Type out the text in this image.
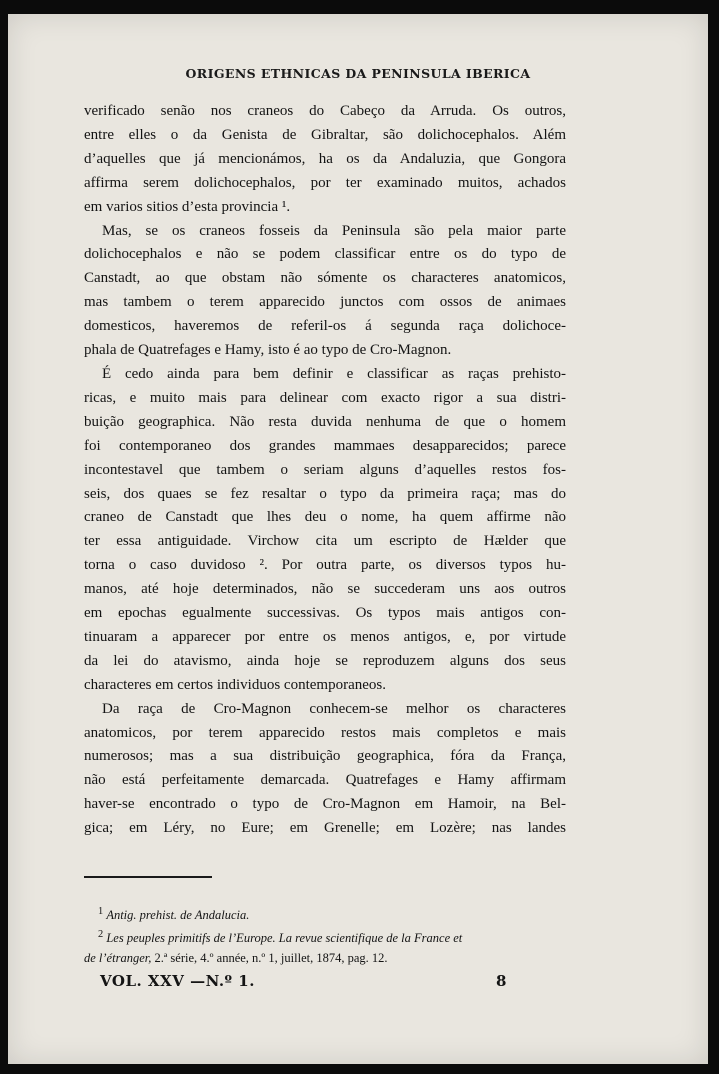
ORIGENS ETHNICAS DA PENINSULA IBERICA
verificado senão nos craneos do Cabeço da Arruda. Os outros,
entre elles o da Genista de Gibraltar, são dolichocephalos. Além
d’aquelles que já mencionámos, ha os da Andaluzia, que Gongora
affirma serem dolichocephalos, por ter examinado muitos, achados
em varios sitios d’esta provincia ¹.
Mas, se os craneos fosseis da Peninsula são pela maior parte
dolichocephalos e não se podem classificar entre os do typo de
Canstadt, ao que obstam não sómente os characteres anatomicos,
mas tambem o terem apparecido junctos com ossos de animaes
domesticos, haveremos de referil-os á segunda raça dolichoce-
phala de Quatrefages e Hamy, isto é ao typo de Cro-Magnon.
É cedo ainda para bem definir e classificar as raças prehisto-
ricas, e muito mais para delinear com exacto rigor a sua distri-
buição geographica. Não resta duvida nenhuma de que o homem
foi contemporaneo dos grandes mammaes desapparecidos; parece
incontestavel que tambem o seriam alguns d’aquelles restos fos-
seis, dos quaes se fez resaltar o typo da primeira raça; mas do
craneo de Canstadt que lhes deu o nome, ha quem affirme não
ter essa antiguidade. Virchow cita um escripto de Hælder que
torna o caso duvidoso ². Por outra parte, os diversos typos hu-
manos, até hoje determinados, não se succederam uns aos outros
em epochas egualmente successivas. Os typos mais antigos con-
tinuaram a apparecer por entre os menos antigos, e, por virtude
da lei do atavismo, ainda hoje se reproduzem alguns dos seus
characteres em certos individuos contemporaneos.
Da raça de Cro-Magnon conhecem-se melhor os characteres
anatomicos, por terem apparecido restos mais completos e mais
numerosos; mas a sua distribuição geographica, fóra da França,
não está perfeitamente demarcada. Quatrefages e Hamy affirmam
haver-se encontrado o typo de Cro-Magnon em Hamoir, na Bel-
gica; em Léry, no Eure; em Grenelle; em Lozère; nas landes
$^1$ Antig. prehist. de Andalucia.
$^2$ Les peuples primitifs de l’Europe. La revue scientifique de la France et
de l’étranger, 2.ª série, 4.º année, n.º 1, juillet, 1874, pag. 12.
VOL. XXV —N.º 1.	8
